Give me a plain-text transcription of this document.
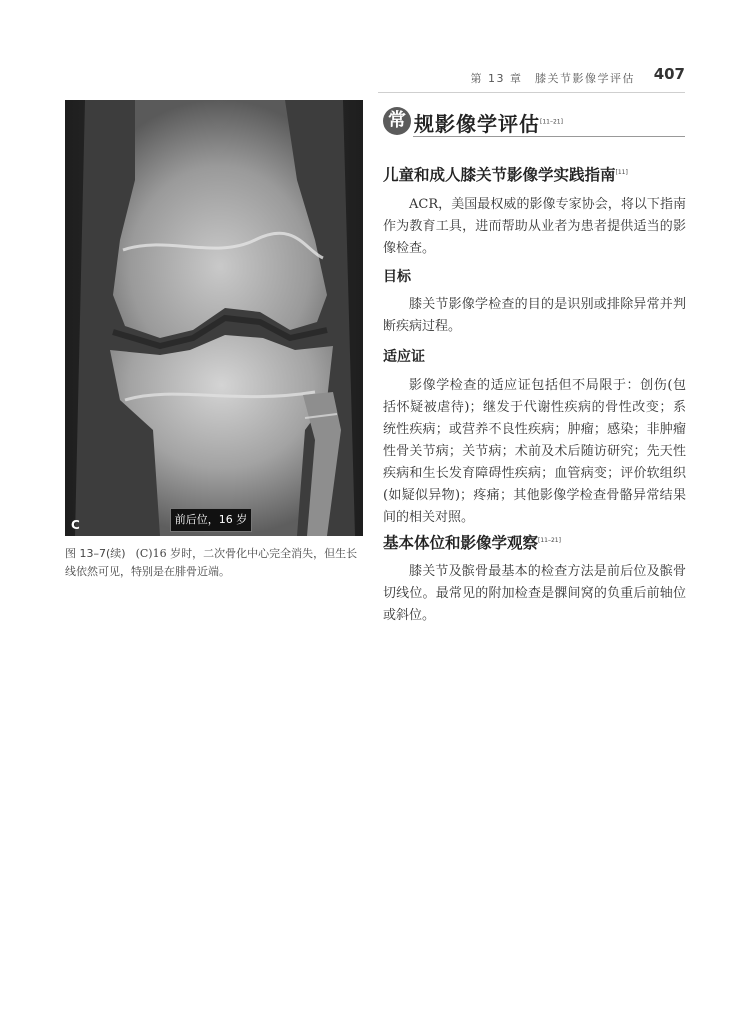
第 13 章　膝关节影像学评估 407
前后位，16 岁
C
图 13–7(续) (C)16 岁时，二次骨化中心完全消失，但生长线依然可见，特别是在腓骨近端。
常 规影像学评估[11–21]
儿童和成人膝关节影像学实践指南[11]
ACR，美国最权威的影像专家协会，将以下指南作为教育工具，进而帮助从业者为患者提供适当的影像检查。
目标
膝关节影像学检查的目的是识别或排除异常并判断疾病过程。
适应证
影像学检查的适应证包括但不局限于：创伤(包括怀疑被虐待)；继发于代谢性疾病的骨性改变；系统性疾病；或营养不良性疾病；肿瘤；感染；非肿瘤性骨关节病；关节病；术前及术后随访研究；先天性疾病和生长发育障碍性疾病；血管病变；评价软组织(如疑似异物)；疼痛；其他影像学检查骨骼异常结果间的相关对照。
基本体位和影像学观察[11–21]
膝关节及髌骨最基本的检查方法是前后位及髌骨切线位。最常见的附加检查是髁间窝的负重后前轴位或斜位。
